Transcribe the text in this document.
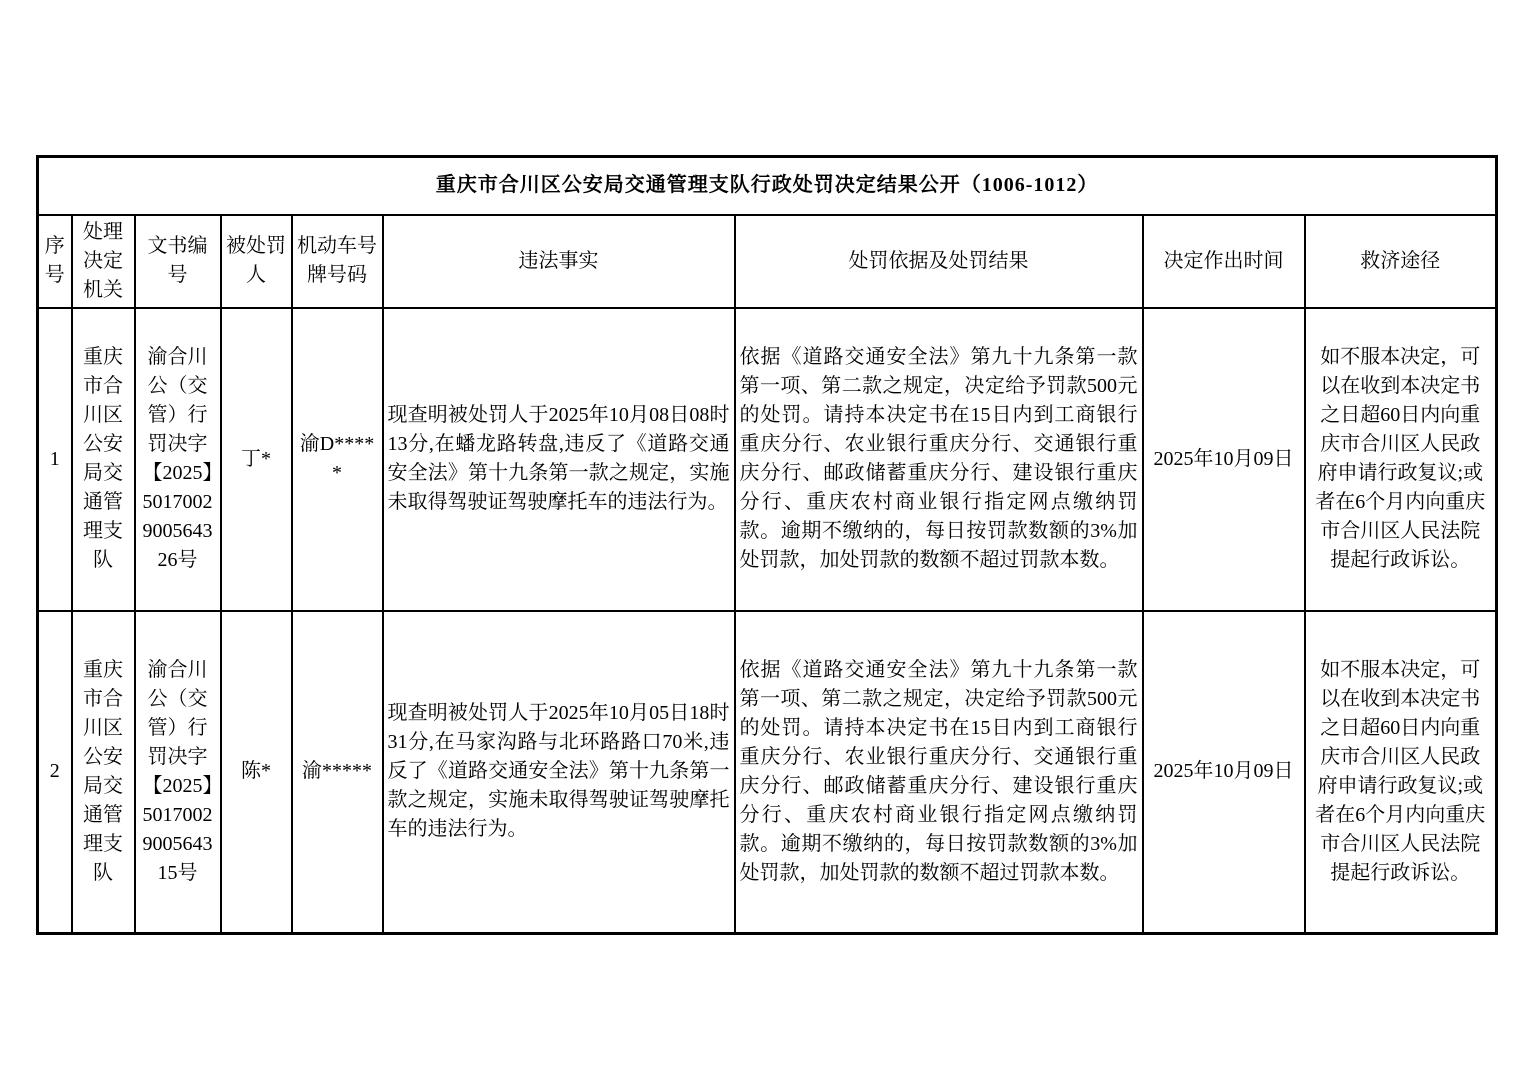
重庆市合川区公安局交通管理支队行政处罚决定结果公开（1006-1012）								
序号	处理决定机关	文书编号	被处罚人	机动车号牌号码	违法事实	处罚依据及处罚结果	决定作出时间	救济途径
1	重庆市合川区公安局交通管理支队	渝合川公（交管）行罚决字【2025】5017002900564326号	丁*	渝D*****	现查明被处罚人于2025年10月08日08时13分,在蟠龙路转盘,违反了《道路交通安全法》第十九条第一款之规定，实施未取得驾驶证驾驶摩托车的违法行为。	依据《道路交通安全法》第九十九条第一款第一项、第二款之规定，决定给予罚款500元的处罚。请持本决定书在15日内到工商银行重庆分行、农业银行重庆分行、交通银行重庆分行、邮政储蓄重庆分行、建设银行重庆分行、重庆农村商业银行指定网点缴纳罚款。逾期不缴纳的，每日按罚款数额的3%加处罚款，加处罚款的数额不超过罚款本数。	2025年10月09日	如不服本决定，可以在收到本决定书之日超60日内向重庆市合川区人民政府申请行政复议;或者在6个月内向重庆市合川区人民法院提起行政诉讼。
2	重庆市合川区公安局交通管理支队	渝合川公（交管）行罚决字【2025】5017002900564315号	陈*	渝*****	现查明被处罚人于2025年10月05日18时31分,在马家沟路与北环路路口70米,违反了《道路交通安全法》第十九条第一款之规定，实施未取得驾驶证驾驶摩托车的违法行为。	依据《道路交通安全法》第九十九条第一款第一项、第二款之规定，决定给予罚款500元的处罚。请持本决定书在15日内到工商银行重庆分行、农业银行重庆分行、交通银行重庆分行、邮政储蓄重庆分行、建设银行重庆分行、重庆农村商业银行指定网点缴纳罚款。逾期不缴纳的，每日按罚款数额的3%加处罚款，加处罚款的数额不超过罚款本数。	2025年10月09日	如不服本决定，可以在收到本决定书之日超60日内向重庆市合川区人民政府申请行政复议;或者在6个月内向重庆市合川区人民法院提起行政诉讼。
